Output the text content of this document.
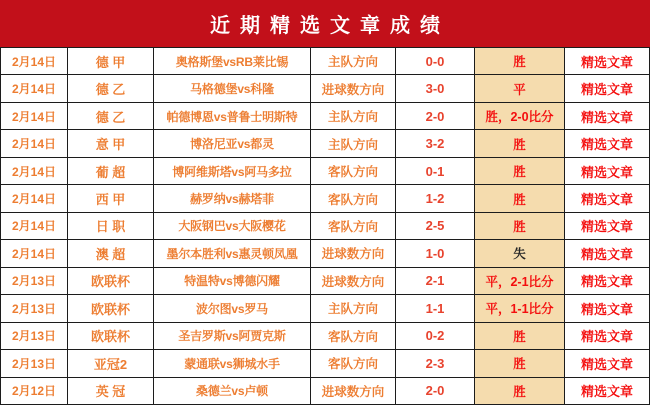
近期精选文章成绩
2月14日	德 甲	奥格斯堡vsRB莱比锡	主队方向	0-0	胜	精选文章
2月14日	德 乙	马格德堡vs科隆	进球数方向	3-0	平	精选文章
2月14日	德 乙	帕德博恩vs普鲁士明斯特	主队方向	2-0	胜，2-0比分	精选文章
2月14日	意 甲	博洛尼亚vs都灵	主队方向	3-2	胜	精选文章
2月14日	葡 超	博阿维斯塔vs阿马多拉	客队方向	0-1	胜	精选文章
2月14日	西 甲	赫罗纳vs赫塔菲	客队方向	1-2	胜	精选文章
2月14日	日 职	大阪钢巴vs大阪樱花	客队方向	2-5	胜	精选文章
2月14日	澳 超	墨尔本胜利vs惠灵顿凤凰	进球数方向	1-0	失	精选文章
2月13日	欧联杯	特温特vs博德闪耀	进球数方向	2-1	平，2-1比分	精选文章
2月13日	欧联杯	波尔图vs罗马	主队方向	1-1	平，1-1比分	精选文章
2月13日	欧联杯	圣吉罗斯vs阿贾克斯	客队方向	0-2	胜	精选文章
2月13日	亚冠2	蒙通联vs狮城水手	客队方向	2-3	胜	精选文章
2月12日	英 冠	桑德兰vs卢顿	进球数方向	2-0	胜	精选文章
